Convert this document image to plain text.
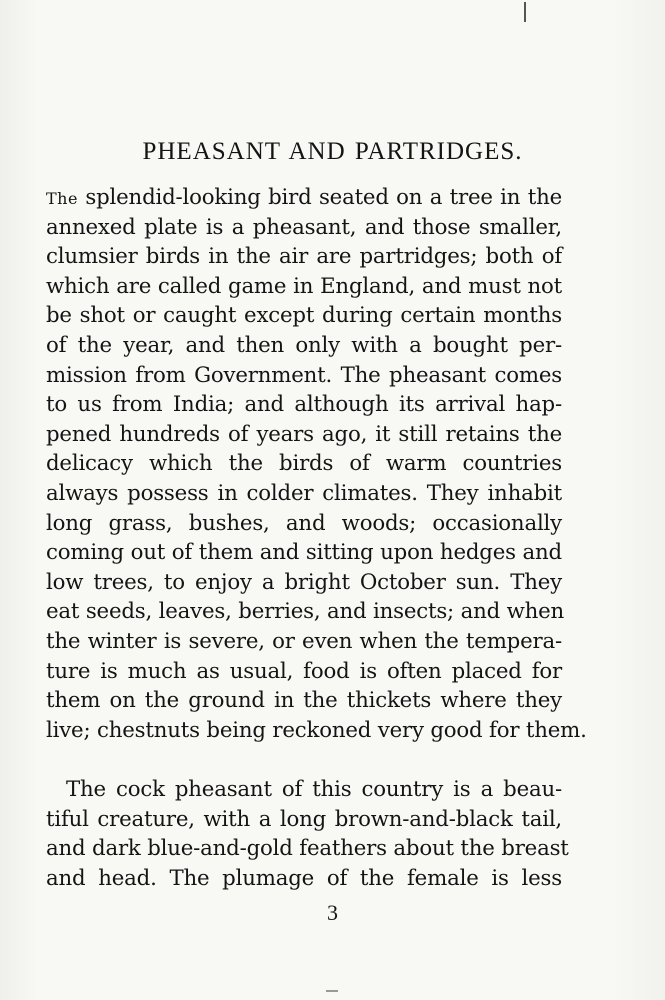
PHEASANT AND PARTRIDGES.
The splendid-looking bird seated on a tree in the
annexed plate is a pheasant, and those smaller,
clumsier birds in the air are partridges; both of
which are called game in England, and must not
be shot or caught except during certain months
of the year, and then only with a bought per-
mission from Government. The pheasant comes
to us from India; and although its arrival hap-
pened hundreds of years ago, it still retains the
delicacy which the birds of warm countries
always possess in colder climates. They inhabit
long grass, bushes, and woods; occasionally
coming out of them and sitting upon hedges and
low trees, to enjoy a bright October sun. They
eat seeds, leaves, berries, and insects; and when
the winter is severe, or even when the tempera-
ture is much as usual, food is often placed for
them on the ground in the thickets where they
live; chestnuts being reckoned very good for them.
The cock pheasant of this country is a beau-
tiful creature, with a long brown-and-black tail,
and dark blue-and-gold feathers about the breast
and head. The plumage of the female is less
3
